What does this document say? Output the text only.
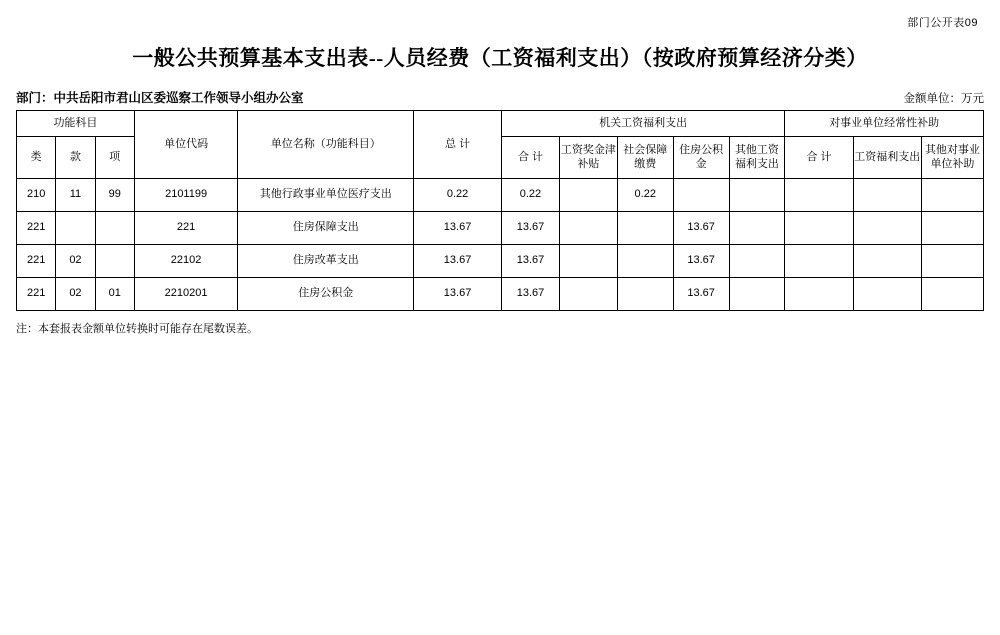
部门公开表09
一般公共预算基本支出表--人员经费（工资福利支出）（按政府预算经济分类）
部门：中共岳阳市君山区委巡察工作领导小组办公室	金额单位：万元
功能科目			单位代码	单位名称（功能科目）	总 计	机关工资福利支出					对事业单位经常性补助		
类	款	项				合 计	工资奖金津补贴	社会保障缴费	住房公积金	其他工资福利支出	合 计	工资福利支出	其他对事业单位补助
210	11	99	2101199	其他行政事业单位医疗支出	0.22	0.22		0.22					
221			221	住房保障支出	13.67	13.67			13.67				
221	02		22102	住房改革支出	13.67	13.67			13.67				
221	02	01	2210201	住房公积金	13.67	13.67			13.67				
注：本套报表金额单位转换时可能存在尾数误差。
